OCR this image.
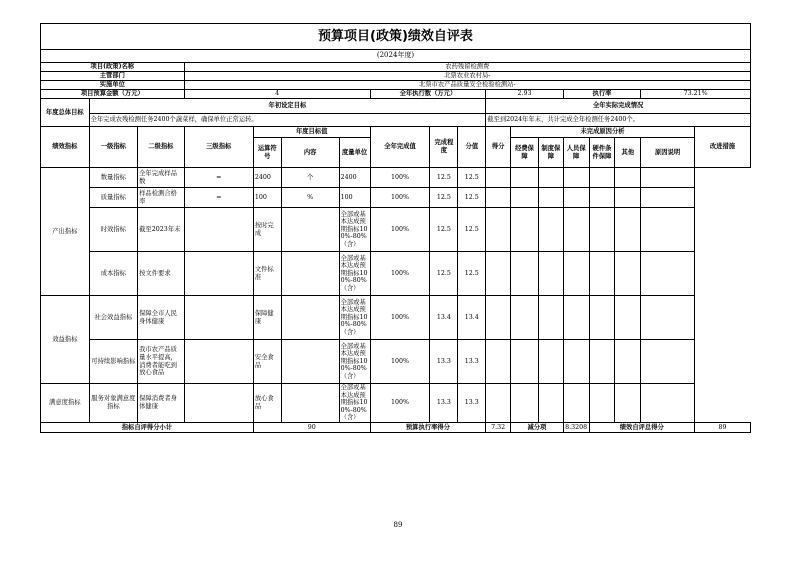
预算项目(政策)绩效自评表																	
(2024年度)																	
项目(政策)名称			农药残留检测费														
主管部门			北票农业农村局-														
实施单位			北票市农产品质量安全检验检测站-														
项目预算金额（万元）			4				全年执行数（万元）			2.93			执行率			73.21%	
年度总体目标	年初设定目标									全年实际完成情况							
	全年完成农残检测任务2400个蔬菜样，确保单位正常运转。									截至到2024年年末，共计完成全年检测任务2400个。							
绩效指标	一级指标	二级指标	三级指标	年度目标值			全年完成值	完成程度	分值	得分	未完成原因分析						改进措施
				运算符号	内容	度量单位					经费保障	制度保障	人员保障	硬件条件保障	其他	原因说明	
产出指标	数量指标	全年完成样品数	=	2400	个	2400	100%	12.5	12.5								
	质量指标	样品检测合格率	=	100	%	100	100%	12.5	12.5								
	时效指标	截至2023年末		按时完成		全部或基本达成预期指标100%-80%（含）	100%	12.5	12.5								
	成本指标	按文件要求		文件标准		全部或基本达成预期指标100%-80%（含）	100%	12.5	12.5								
效益指标	社会效益指标	保障全市人民身体健康		保障健康		全部或基本达成预期指标100%-80%（含）	100%	13.4	13.4								
	可持续影响指标	我市农产品质量水平提高，消费者能吃到放心食品		安全食品		全部或基本达成预期指标100%-80%（含）	100%	13.3	13.3								
满意度指标	服务对象满意度指标	保障消费者身体健康		放心食品		全部或基本达成预期指标100%-80%（含）	100%	13.3	13.3								
指标自评得分小计				90			预算执行率得分			7.32	减分项		8.3208	绩效自评总得分			89
89
